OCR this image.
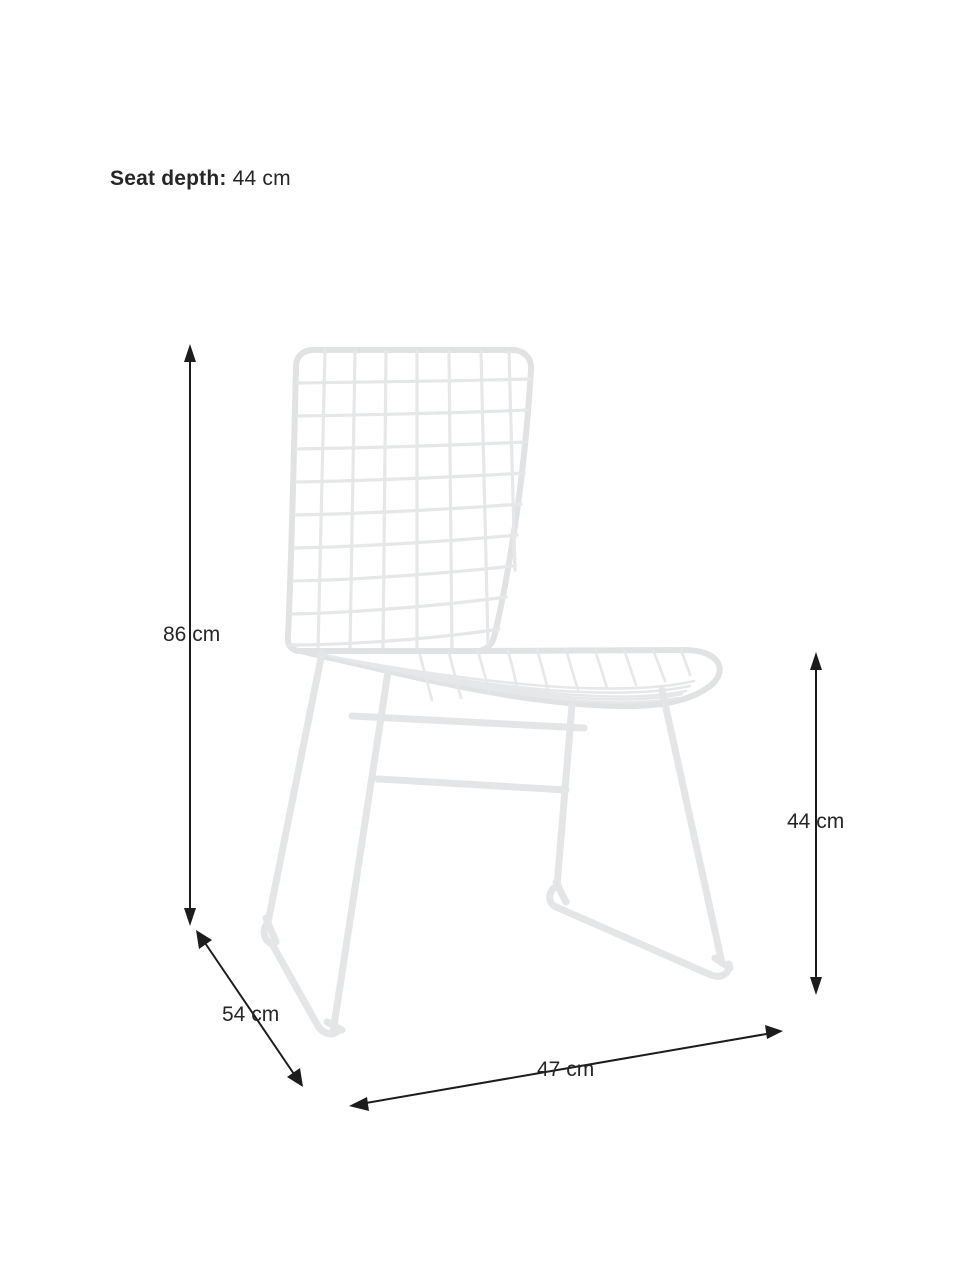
Seat depth: 44 cm
86 cm
54 cm
47 cm
44 cm
